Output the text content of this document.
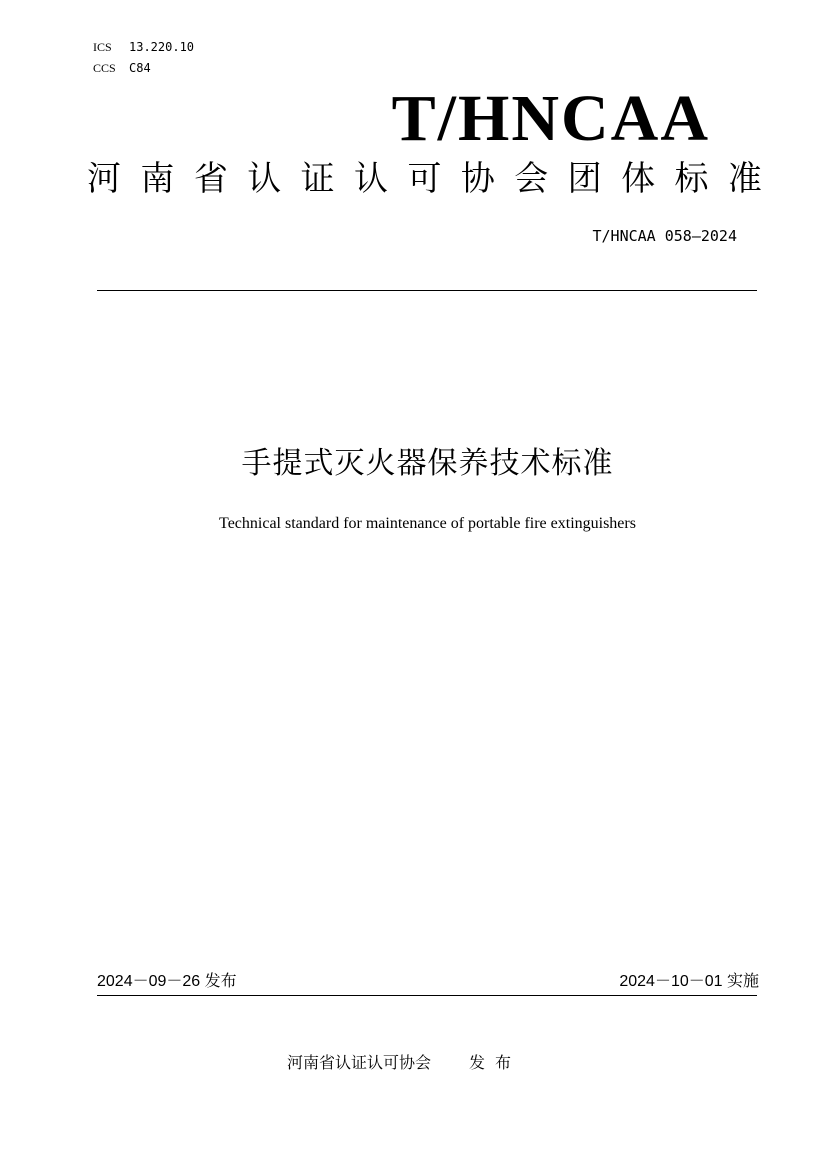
ICS 13.220.10
CCS C84
T/HNCAA
河 南 省 认 证 认 可 协 会 团 体 标 准
T/HNCAA 058—2024
手提式灭火器保养技术标准
Technical standard for maintenance of portable fire extinguishers
2024－09－26 发布	2024－10－01 实施
河南省认证认可协会 发布
